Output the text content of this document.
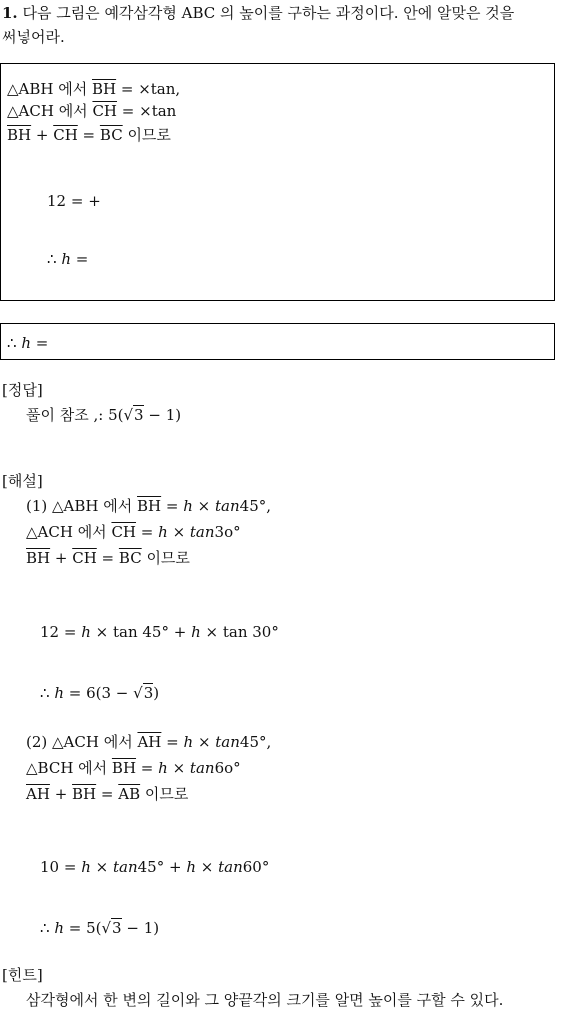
1. 다음 그림은 예각삼각형 ABC 의 높이를 구하는 과정이다. 안에 알맞은 것을
써넣어라.
△ABH 에서 $\overline{BH} = \times\tan$,
△ACH 에서 $\overline{CH} = \times\tan$
$\overline{BH} + \overline{CH} = \overline{BC}$ 이므로
12 = +
∴ h =
∴ h =
[정답]
풀이 참조 ,: 5(√3 − 1)
[해설]
(1) △ABH 에서 $\overline{BH} = h \times \tan 45^\circ$,
△ACH 에서 $\overline{CH} = h \times \tan 3o^\circ$
$\overline{BH} + \overline{CH} = \overline{BC}$ 이므로
12 = h × tan 45° + h × tan 30°
∴ h = 6(3 − √3)
(2) △ACH 에서 $\overline{AH} = h \times \tan 45^\circ$,
△BCH 에서 $\overline{BH} = h \times \tan 6o^\circ$
$\overline{AH} + \overline{BH} = \overline{AB}$ 이므로
10 = h × tan45° + h × tan60°
∴ h = 5(√3 − 1)
[힌트]
삼각형에서 한 변의 길이와 그 양끝각의 크기를 알면 높이를 구할 수 있다.
